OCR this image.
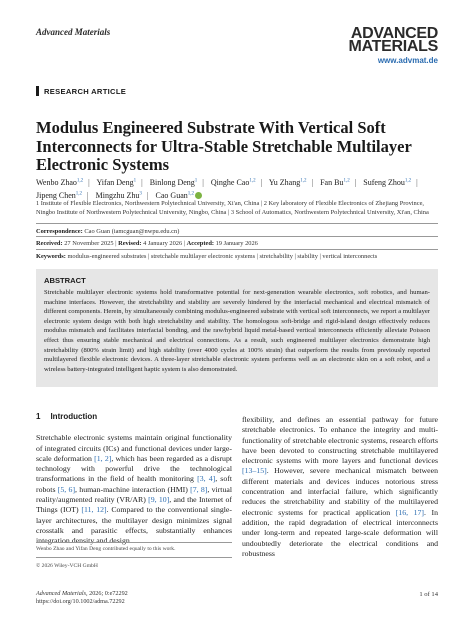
Advanced Materials	ADVANCED
MATERIALS
www.advmat.de
RESEARCH ARTICLE
Modulus Engineered Substrate With Vertical Soft Interconnects for Ultra-Stable Stretchable Multilayer Electronic Systems
Wenbo Zhao$^{1,2}$ | Yifan Deng$^1$ | Binlong Deng$^1$ | Qinghe Cao$^{1,2}$ | Yu Zhang$^{1,2}$ | Fan Bu$^{1,2}$ | Sufeng Zhou$^{1,2}$ |
Jipeng Chen$^{1,2}$ | Mingzhu Zhu$^3$ | Cao Guan$^{1,2}$
1 Institute of Flexible Electronics, Northwestern Polytechnical University, Xi'an, China | 2 Key laboratory of Flexible Electronics of Zhejiang Province, Ningbo Institute of Northwestern Polytechnical University, Ningbo, China | 3 School of Automatics, Northwestern Polytechnical University, Xi'an, China
Correspondence: Cao Guan (iamcguan@nwpu.edu.cn)
Received: 27 November 2025 | Revised: 4 January 2026 | Accepted: 19 January 2026
Keywords: modulus-engineered substrates | stretchable multilayer electronic systems | stretchability | stability | vertical interconnects
ABSTRACT
Stretchable multilayer electronic systems hold transformative potential for next-generation wearable electronics, soft robotics, and human-machine interfaces. However, the stretchability and stability are severely hindered by the interfacial mechanical and electrical mismatch of different components. Herein, by simultaneously combining modulus-engineered substrate with vertical soft interconnects, we report a multilayer electronic system design with both high stretchability and stability. The homologous soft-bridge and rigid-island design effectively reduces modulus mismatch and facilitates interfacial bonding, and the raw/hybrid liquid metal-based vertical interconnects efficiently alleviate Poisson effect thus ensuring stable mechanical and electrical connections. As a result, such engineered multilayer electronics demonstrate high stretchability (800% strain limit) and high stability (over 4000 cycles at 100% strain) that outperform the results from previously reported multilayered flexible electronic devices. A three-layer stretchable electronic system performs well as an electronic skin on a soft robot, and a wireless battery-integrated intelligent haptic system is also demonstrated.
1 Introduction

Stretchable electronic systems maintain original functionality of integrated circuits (ICs) and functional devices under large-scale deformation [1, 2], which has been regarded as a disrupt technology with powerful drive the technological transformations in the field of health monitoring [3, 4], soft robots [5, 6], human-machine interaction (HMI) [7, 8], virtual reality/augmented reality (VR/AR) [9, 10], and the Internet of Things (IOT) [11, 12]. Compared to the conventional single-layer architectures, the multilayer design minimizes signal crosstalk and parasitic effects, substantially enhances integration density and design

flexibility, and defines an essential pathway for future stretchable electronics. To enhance the integrity and multi-functionality of stretchable electronic systems, research efforts have been devoted to constructing stretchable multilayered electronic systems with more layers and functional devices [13–15]. However, severe mechanical mismatch between different materials and devices induces notorious stress concentration and interfacial failure, which significantly reduces the stretchability and stability of the multilayered electronic systems for practical application [16, 17]. In addition, the rapid degradation of electrical interconnects under long-term and repeated large-scale deformation will undoubtedly deteriorate the electrical conditions and robustness

Wenbo Zhao and Yifan Deng contributed equally to this work.
© 2026 Wiley-VCH GmbH
Advanced Materials, 2026; 0:e72292
https://doi.org/10.1002/adma.72292
1 of 14
